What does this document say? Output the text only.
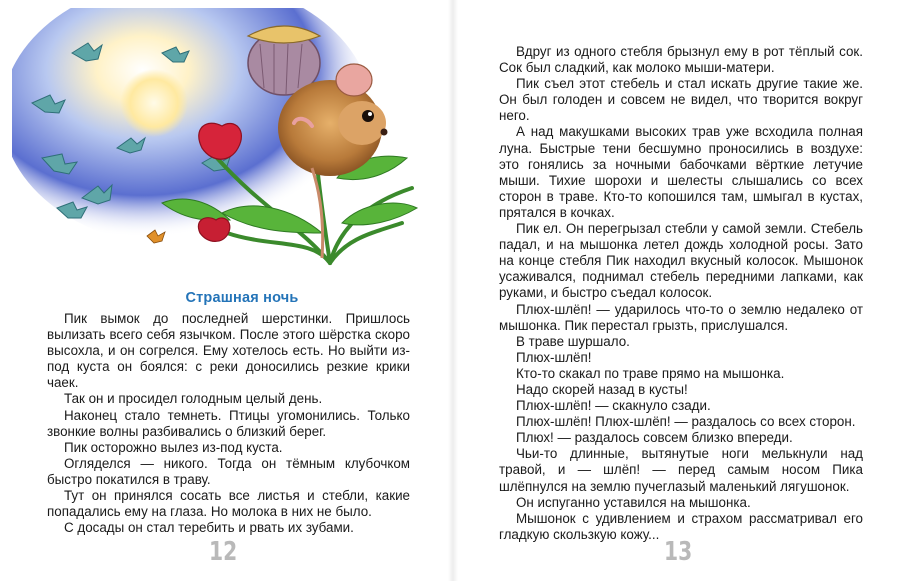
Страшная ночь

Пик вымок до последней шерстинки. Пришлось вылизать всего себя язычком. После этого шёрстка скоро высохла, и он согрелся. Ему хотелось есть. Но выйти из-под куста он боялся: с реки доносились резкие крики чаек.

Так он и просидел голодным целый день.

Наконец стало темнеть. Птицы угомонились. Только звонкие волны разбивались о близкий берег.

Пик осторожно вылез из-под куста.

Огляделся — никого. Тогда он тёмным клубочком быстро покатился в траву.

Тут он принялся сосать все листья и стебли, какие попадались ему на глаза. Но молока в них не было.

С досады он стал теребить и рвать их зубами.

12

Вдруг из одного стебля брызнул ему в рот тёплый сок. Сок был сладкий, как молоко мыши-матери.

Пик съел этот стебель и стал искать другие такие же. Он был голоден и совсем не видел, что творится вокруг него.

А над макушками высоких трав уже всходила полная луна. Быстрые тени бесшумно проносились в воздухе: это гонялись за ночными бабочками вёрткие летучие мыши. Тихие шорохи и шелесты слышались со всех сторон в траве. Кто-то копошился там, шмыгал в кустах, прятался в кочках.

Пик ел. Он перегрызал стебли у самой земли. Стебель падал, и на мышонка летел дождь холодной росы. Зато на конце стебля Пик находил вкусный колосок. Мышонок усаживался, поднимал стебель передними лапками, как руками, и быстро съедал колосок.

Плюх-шлёп! — ударилось что-то о землю недалеко от мышонка. Пик перестал грызть, прислушался.

В траве шуршало.

Плюх-шлёп!

Кто-то скакал по траве прямо на мышонка.

Надо скорей назад в кусты!

Плюх-шлёп! — скакнуло сзади.

Плюх-шлёп! Плюх-шлёп! — раздалось со всех сторон.

Плюх! — раздалось совсем близко впереди.

Чьи-то длинные, вытянутые ноги мелькнули над травой, и — шлёп! — перед самым носом Пика шлёпнулся на землю пучеглазый маленький лягушонок.

Он испуганно уставился на мышонка.

Мышонок с удивлением и страхом рассматривал его гладкую скользкую кожу...

13
